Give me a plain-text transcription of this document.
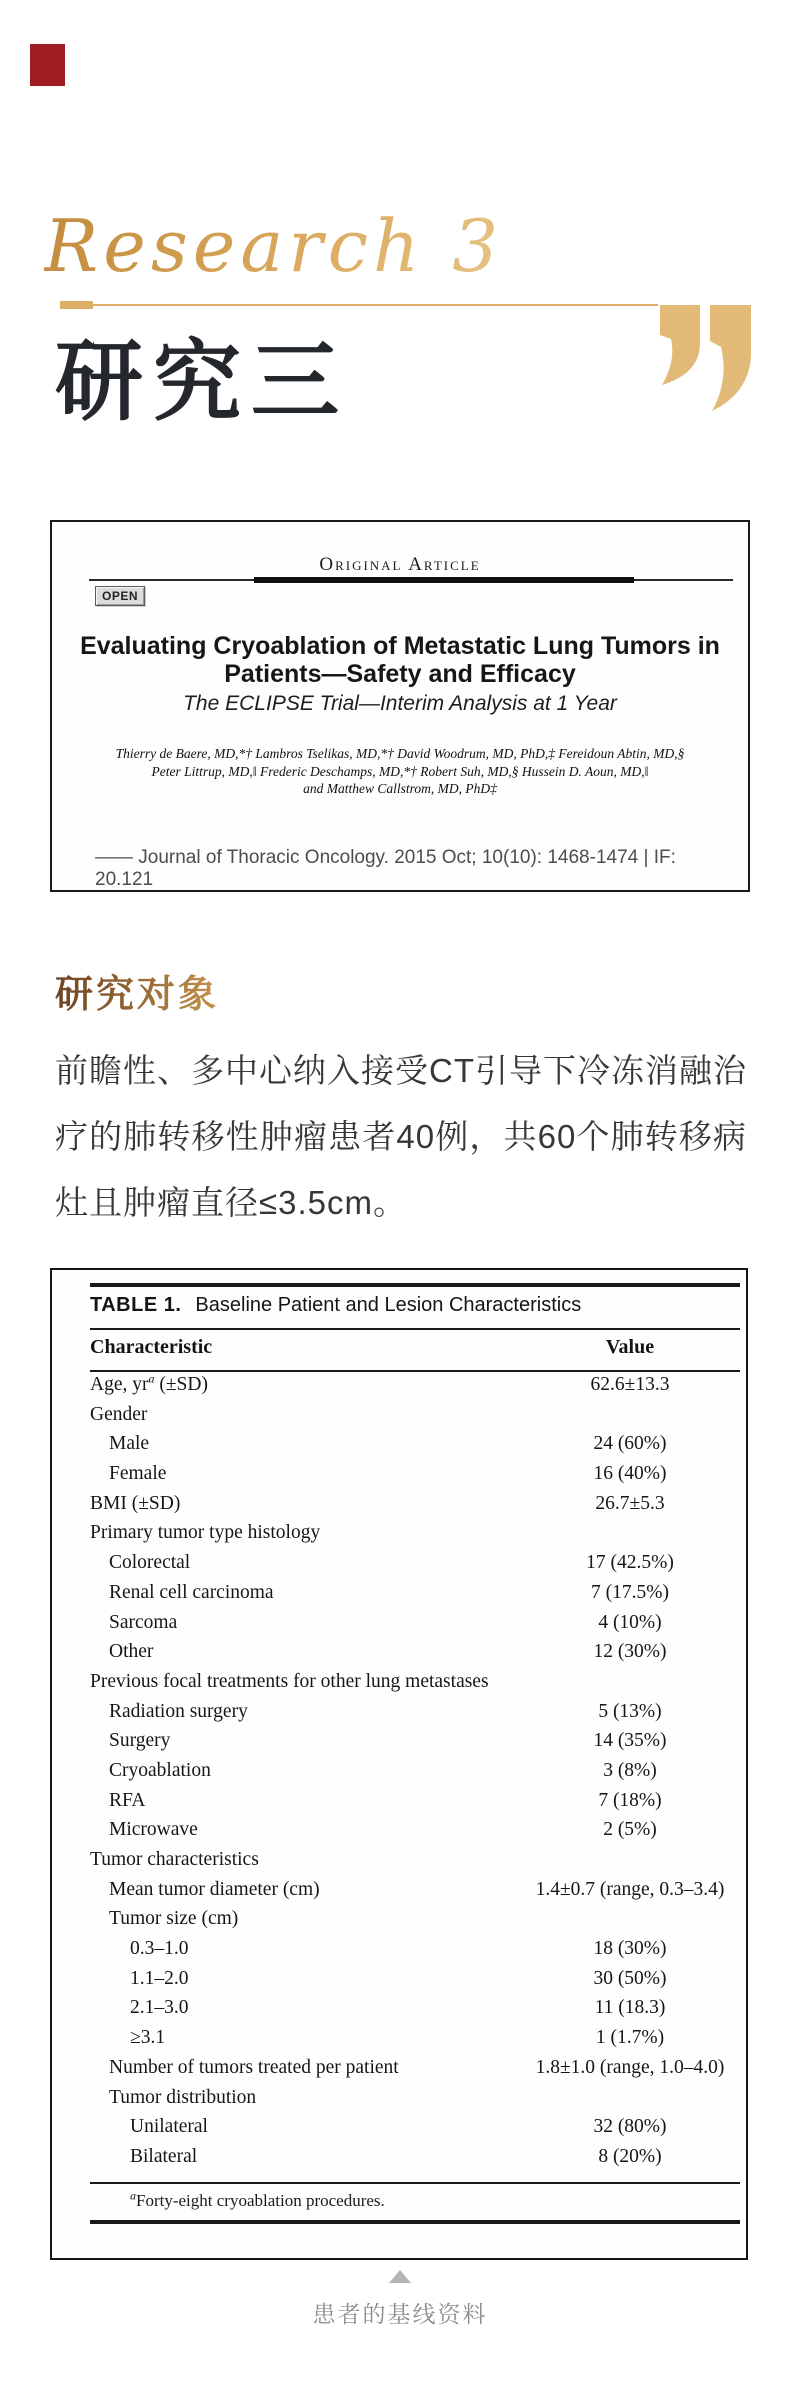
Research 3
研究三
Original Article
OPEN
Evaluating Cryoablation of Metastatic Lung Tumors in
Patients—Safety and Efficacy
The ECLIPSE Trial—Interim Analysis at 1 Year
Thierry de Baere, MD,*† Lambros Tselikas, MD,*† David Woodrum, MD, PhD,‡ Fereidoun Abtin, MD,§
Peter Littrup, MD,‖ Frederic Deschamps, MD,*† Robert Suh, MD,§ Hussein D. Aoun, MD,‖
and Matthew Callstrom, MD, PhD‡
—— Journal of Thoracic Oncology. 2015 Oct; 10(10): 1468-1474 | IF: 20.121
研究对象
前瞻性、多中心纳入接受CT引导下冷冻消融治疗的肺转移性肿瘤患者40例，共60个肺转移病灶且肿瘤直径≤3.5cm。
TABLE 1. Baseline Patient and Lesion Characteristics
Characteristic	Value
Age, $yr^a$ (±SD)	62.6±13.3
Gender
Male	24 (60%)
Female	16 (40%)
BMI (±SD)	26.7±5.3
Primary tumor type histology
Colorectal	17 (42.5%)
Renal cell carcinoma	7 (17.5%)
Sarcoma	4 (10%)
Other	12 (30%)
Previous focal treatments for other lung metastases
Radiation surgery	5 (13%)
Surgery	14 (35%)
Cryoablation	3 (8%)
RFA	7 (18%)
Microwave	2 (5%)
Tumor characteristics
Mean tumor diameter (cm)	1.4±0.7 (range, 0.3–3.4)
Tumor size (cm)
0.3–1.0	18 (30%)
1.1–2.0	30 (50%)
2.1–3.0	11 (18.3)
≥3.1	1 (1.7%)
Number of tumors treated per patient	1.8±1.0 (range, 1.0–4.0)
Tumor distribution
Unilateral	32 (80%)
Bilateral	8 (20%)
$^a$Forty-eight cryoablation procedures.
患者的基线资料
